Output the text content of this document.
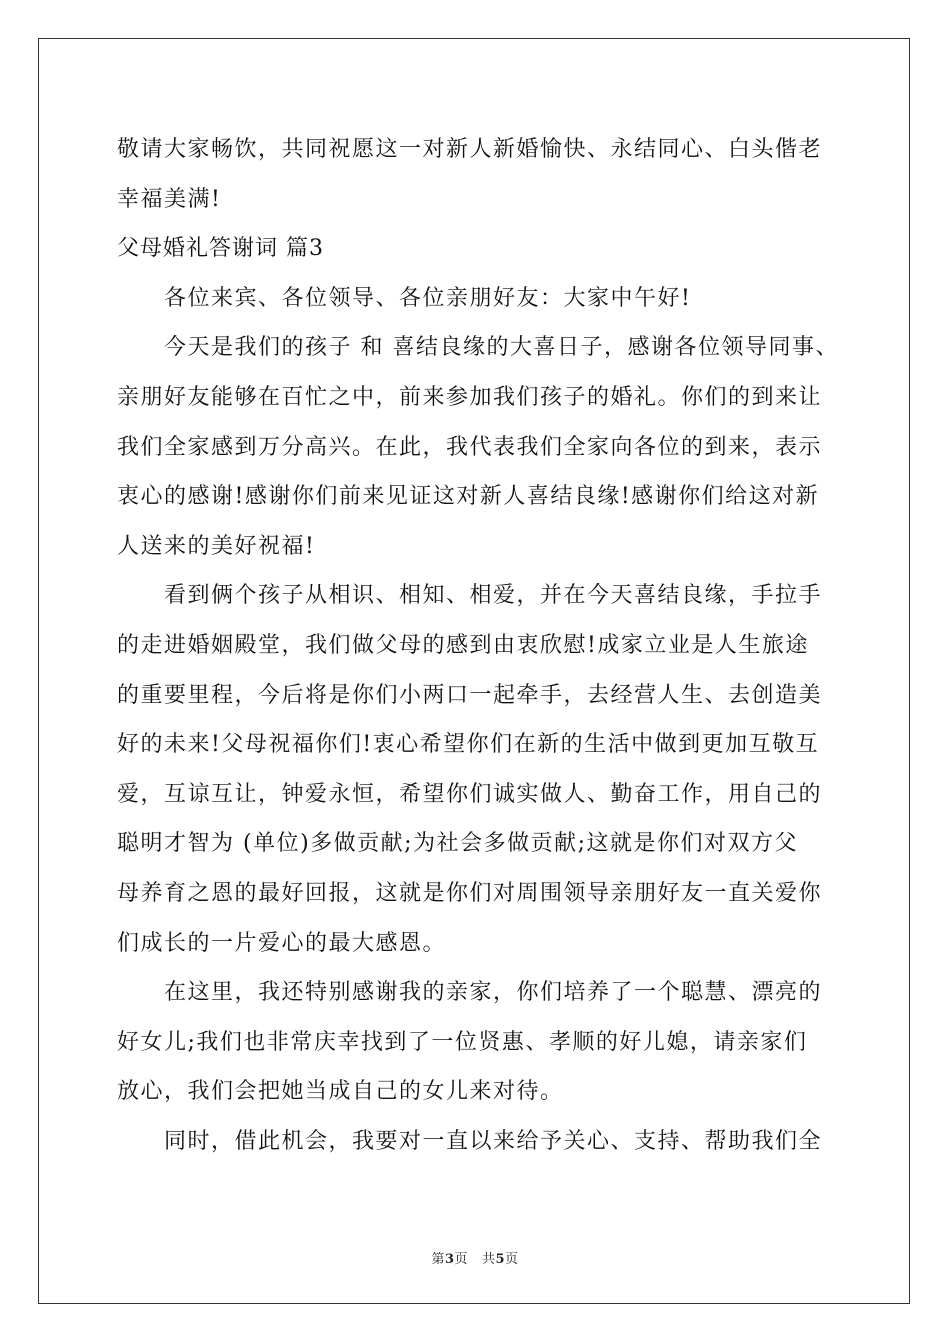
敬请大家畅饮，共同祝愿这一对新人新婚愉快、永结同心、白头偕老
幸福美满!
父母婚礼答谢词 篇3
各位来宾、各位领导、各位亲朋好友：大家中午好!
今天是我们的孩子 和 喜结良缘的大喜日子，感谢各位领导同事、
亲朋好友能够在百忙之中，前来参加我们孩子的婚礼。你们的到来让
我们全家感到万分高兴。在此，我代表我们全家向各位的到来，表示
衷心的感谢!感谢你们前来见证这对新人喜结良缘!感谢你们给这对新
人送来的美好祝福!
看到俩个孩子从相识、相知、相爱，并在今天喜结良缘，手拉手
的走进婚姻殿堂，我们做父母的感到由衷欣慰!成家立业是人生旅途
的重要里程，今后将是你们小两口一起牵手，去经营人生、去创造美
好的未来!父母祝福你们!衷心希望你们在新的生活中做到更加互敬互
爱，互谅互让，钟爱永恒，希望你们诚实做人、勤奋工作，用自己的
聪明才智为 (单位)多做贡献;为社会多做贡献;这就是你们对双方父
母养育之恩的最好回报，这就是你们对周围领导亲朋好友一直关爱你
们成长的一片爱心的最大感恩。
在这里，我还特别感谢我的亲家，你们培养了一个聪慧、漂亮的
好女儿;我们也非常庆幸找到了一位贤惠、孝顺的好儿媳，请亲家们
放心，我们会把她当成自己的女儿来对待。
同时，借此机会，我要对一直以来给予关心、支持、帮助我们全
第3页 共5页
